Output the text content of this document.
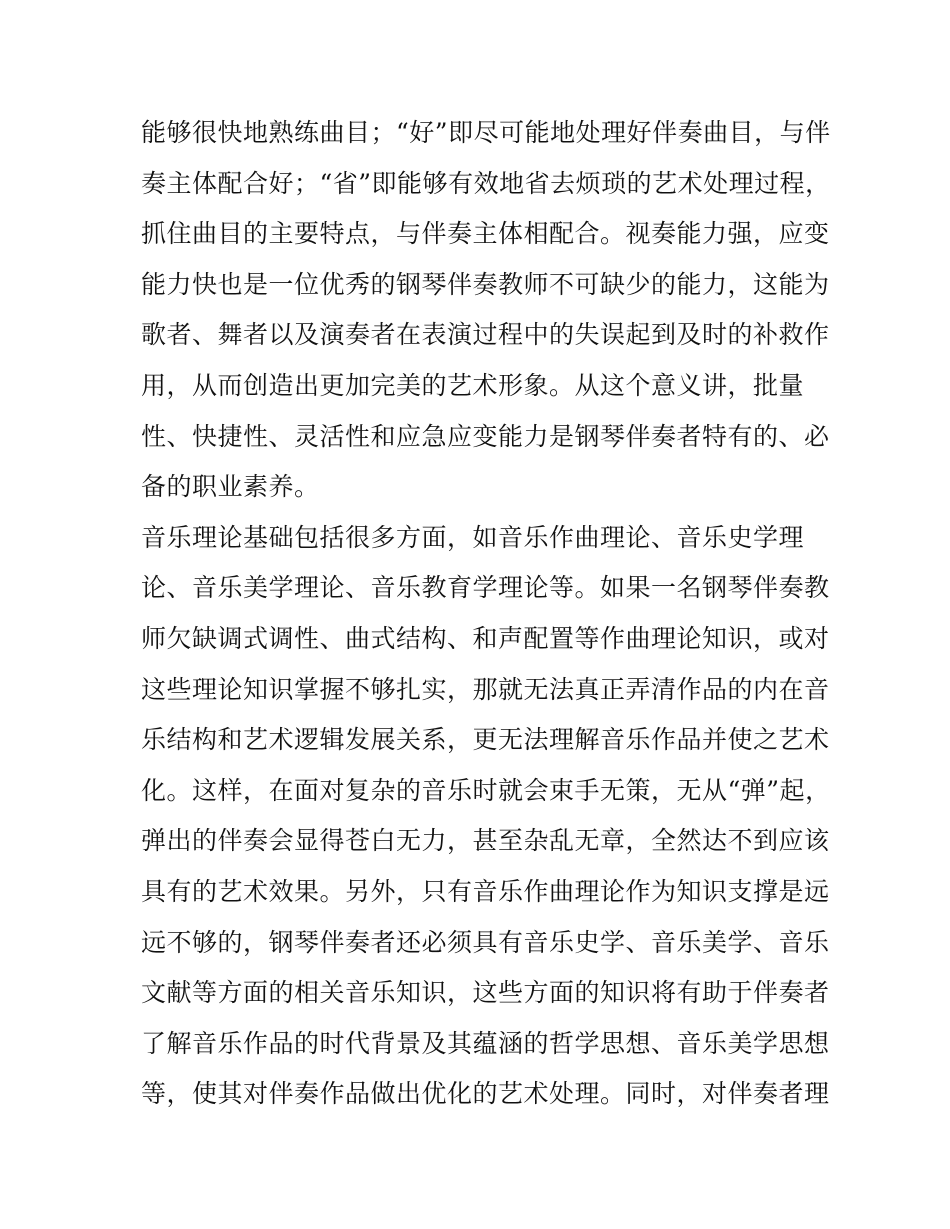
能够很快地熟练曲目；“好”即尽可能地处理好伴奏曲目，与伴
奏主体配合好；“省”即能够有效地省去烦琐的艺术处理过程，
抓住曲目的主要特点，与伴奏主体相配合。视奏能力强，应变
能力快也是一位优秀的钢琴伴奏教师不可缺少的能力，这能为
歌者、舞者以及演奏者在表演过程中的失误起到及时的补救作
用，从而创造出更加完美的艺术形象。从这个意义讲，批量
性、快捷性、灵活性和应急应变能力是钢琴伴奏者特有的、必
备的职业素养。
音乐理论基础包括很多方面，如音乐作曲理论、音乐史学理
论、音乐美学理论、音乐教育学理论等。如果一名钢琴伴奏教
师欠缺调式调性、曲式结构、和声配置等作曲理论知识，或对
这些理论知识掌握不够扎实，那就无法真正弄清作品的内在音
乐结构和艺术逻辑发展关系，更无法理解音乐作品并使之艺术
化。这样，在面对复杂的音乐时就会束手无策，无从“弹”起，
弹出的伴奏会显得苍白无力，甚至杂乱无章，全然达不到应该
具有的艺术效果。另外，只有音乐作曲理论作为知识支撑是远
远不够的，钢琴伴奏者还必须具有音乐史学、音乐美学、音乐
文献等方面的相关音乐知识，这些方面的知识将有助于伴奏者
了解音乐作品的时代背景及其蕴涵的哲学思想、音乐美学思想
等，使其对伴奏作品做出优化的艺术处理。同时，对伴奏者理
